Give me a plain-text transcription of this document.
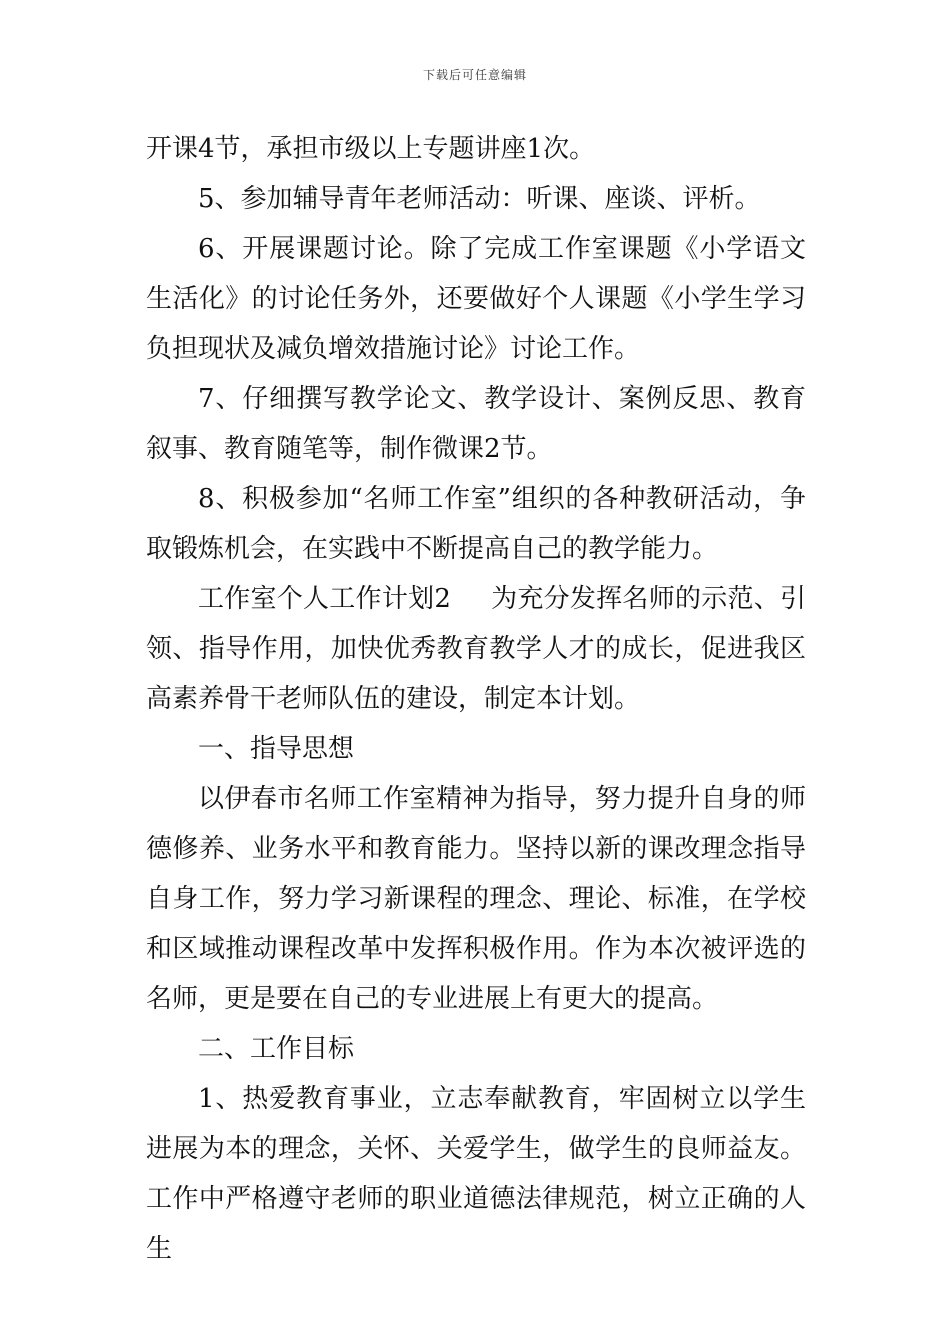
下载后可任意编辑

开课4节，承担市级以上专题讲座1次。

5、参加辅导青年老师活动：听课、座谈、评析。

6、开展课题讨论。除了完成工作室课题《小学语文生活化》的讨论任务外，还要做好个人课题《小学生学习负担现状及减负增效措施讨论》讨论工作。

7、仔细撰写教学论文、教学设计、案例反思、教育叙事、教育随笔等，制作微课2节。

8、积极参加“名师工作室”组织的各种教研活动，争取锻炼机会，在实践中不断提高自己的教学能力。

工作室个人工作计划2 为充分发挥名师的示范、引领、指导作用，加快优秀教育教学人才的成长，促进我区高素养骨干老师队伍的建设，制定本计划。

一、指导思想

以伊春市名师工作室精神为指导，努力提升自身的师德修养、业务水平和教育能力。坚持以新的课改理念指导自身工作，努力学习新课程的理念、理论、标准，在学校和区域推动课程改革中发挥积极作用。作为本次被评选的名师，更是要在自己的专业进展上有更大的提高。

二、工作目标

1、热爱教育事业，立志奉献教育，牢固树立以学生进展为本的理念，关怀、关爱学生，做学生的良师益友。工作中严格遵守老师的职业道德法律规范，树立正确的人生
